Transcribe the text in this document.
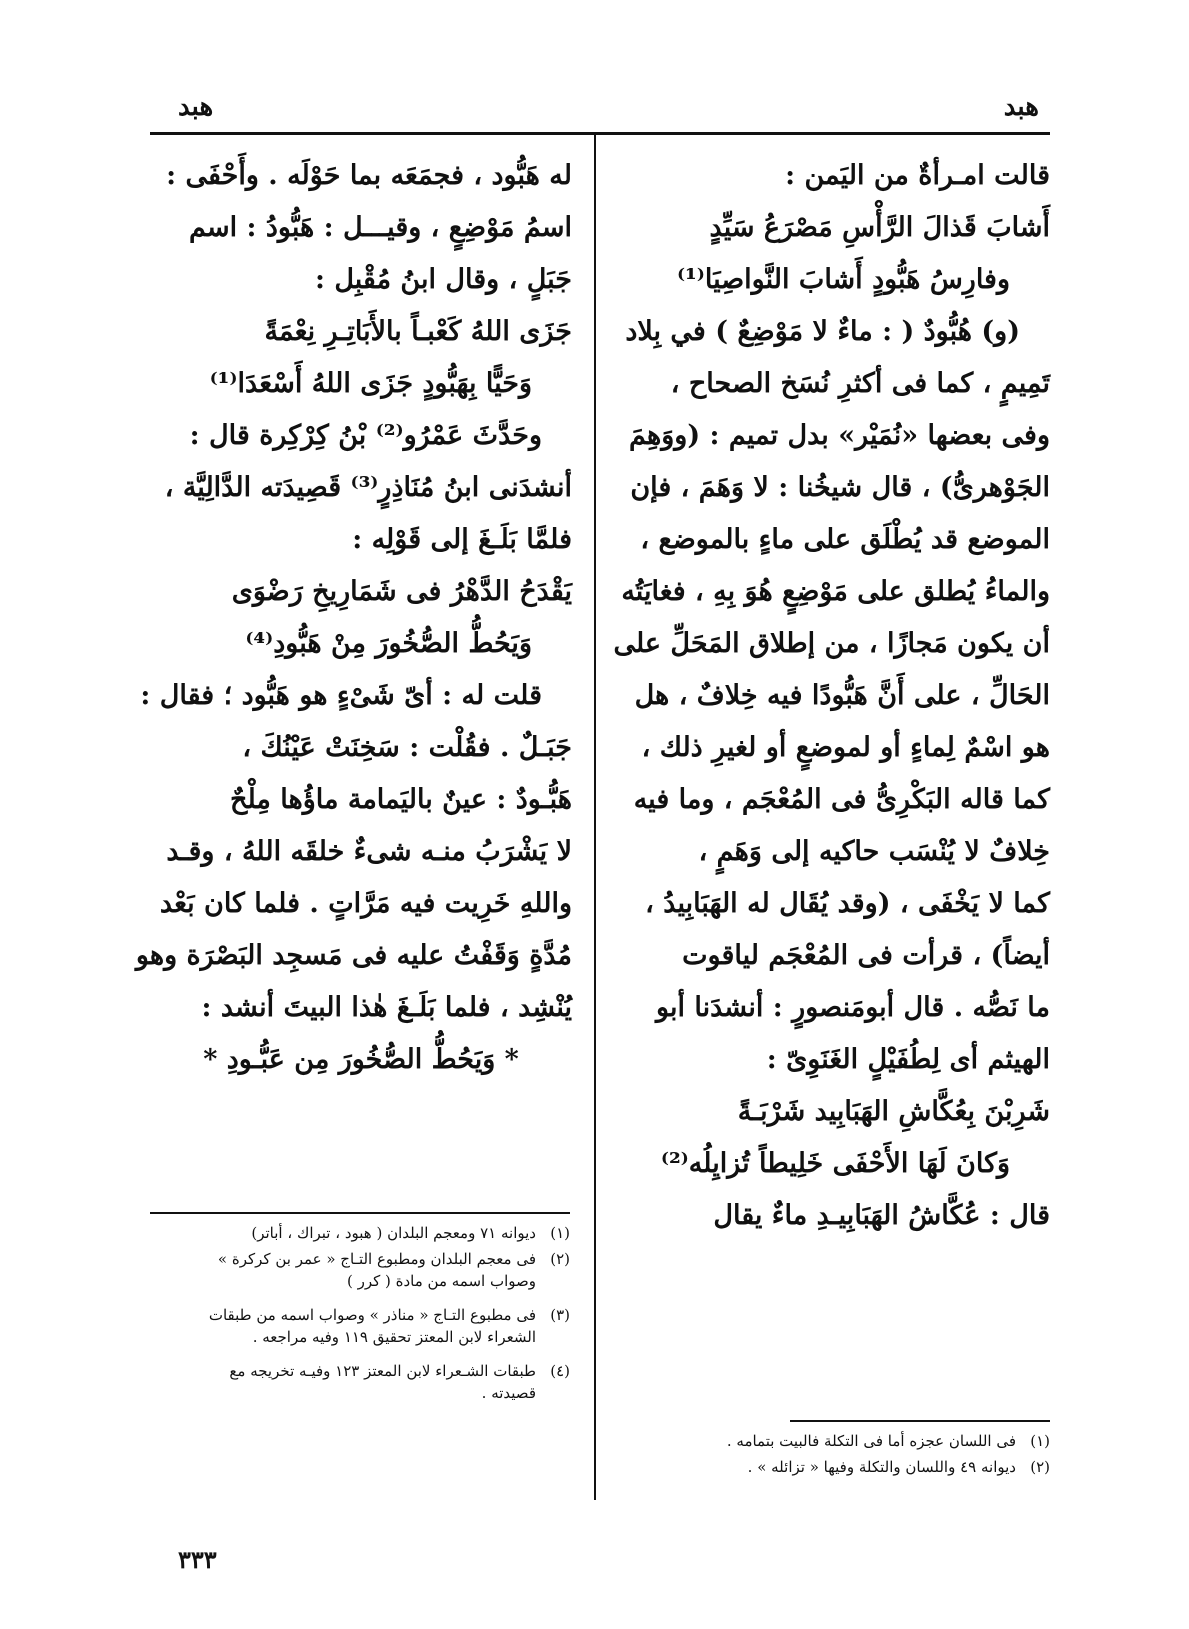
هبد
هبد
قالت امـرأةٌ من اليَمن :
أَشابَ قَذالَ الرَّأْسِ مَصْرَعُ سَيِّدٍ
وفارِسُ هَبُّودٍ أَشابَ النَّواصِيَا⁽¹⁾
(و) هُبُّودٌ ( : ماءٌ لا مَوْضِعٌ ) في بِلاد
تَمِيمٍ ، كما فى أكثرِ نُسَخ الصحاح ،
وفى بعضها «نُمَيْر» بدل تميم : (ووَهِمَ
الجَوْهرىُّ) ، قال شيخُنا : لا وَهَمَ ، فإن
الموضع قد يُطْلَق على ماءٍ بالموضع ،
والماءُ يُطلق على مَوْضِعٍ هُوَ بِهِ ، فغايَتُه
أن يكون مَجازًا ، من إطلاق المَحَلِّ على
الحَالِّ ، على أَنَّ هَبُّودًا فيه خِلافٌ ، هل
هو اسْمٌ لِماءٍ أو لموضعٍ أو لغيرِ ذلك ،
كما قاله البَكْرِىُّ فى المُعْجَم ، وما فيه
خِلافٌ لا يُنْسَب حاكيه إلى وَهَمٍ ،
كما لا يَخْفَى ، (وقد يُقَال له الهَبَابِيدُ ،
أيضاً) ، قرأت فى المُعْجَم لياقوت
ما نَصُّه . قال أبومَنصورٍ : أنشدَنا أبو
الهيثم أى لِطُفَيْلٍ الغَنَوِىّ :
شَرِبْنَ بِعُكَّاشِ الهَبَابِيد شَرْبَـةً
وَكانَ لَهَا الأَحْفَى خَلِيطاً تُزايِلُه⁽²⁾
قال : عُكَّاشُ الهَبَابِيـدِ ماءٌ يقال
(١)فى اللسان عجزه أما فى التكلة فالبيت بتمامه .
(٢)ديوانه ٤٩ واللسان والتكلة وفيها « تزائله » .
له هَبُّود ، فجمَعَه بما حَوْلَه . وأَحْفَى :
اسمُ مَوْضِعٍ ، وقيـــل : هَبُّودُ : اسم
جَبَلٍ ، وقال ابنُ مُقْبِل :
جَزَى اللهُ كَعْبـاً بالأَبَاتِـرِ نِعْمَةً
وَحَيًّا بِهَبُّودٍ جَزَى اللهُ أَسْعَدَا⁽¹⁾
وحَدَّثَ عَمْرُو⁽²⁾ بْنُ كِرْكِرة قال :
أنشدَنى ابنُ مُنَاذِرٍ⁽³⁾ قَصِيدَته الدَّالِيَّة ،
فلمَّا بَلَـغَ إلى قَوْلِه :
يَقْدَحُ الدَّهْرُ فى شَمَارِيخِ رَضْوَى
وَيَحُطُّ الصُّخُورَ مِنْ هَبُّودِ⁽⁴⁾
قلت له : أىّ شَىْءٍ هو هَبُّود ؛ فقال :
جَبَـلٌ . فقُلْت : سَخِنَتْ عَيْنُكَ ،
هَبُّـودٌ : عينٌ باليَمامة ماؤُها مِلْحٌ
لا يَشْرَبُ منـه شىءٌ خلقَه اللهُ ، وقـد
واللهِ خَرِيت فيه مَرَّاتٍ . فلما كان بَعْد
مُدَّةٍ وَقَفْتُ عليه فى مَسجِد البَصْرَة وهو
يُنْشِد ، فلما بَلَـغَ هٰذا البيتَ أنشد :
* وَيَحُطُّ الصُّخُورَ مِن عَبُّـودِ *
(١)ديوانه ٧١ ومعجم البلدان ( هبود ، تبراك ، أباتر)
(٢)فى معجم البلدان ومطبوع التـاج « عمر بن كركرة »
وصواب اسمه من مادة ( كرر )
(٣)فى مطبوع التـاج « مناذر » وصواب اسمه من طبقات
الشعراء لابن المعتز تحقيق ١١٩ وفيه مراجعه .
(٤)طبقات الشـعراء لابن المعتز ١٢٣ وفيـه تخريجه مع
قصيدته .
٣٣٣
